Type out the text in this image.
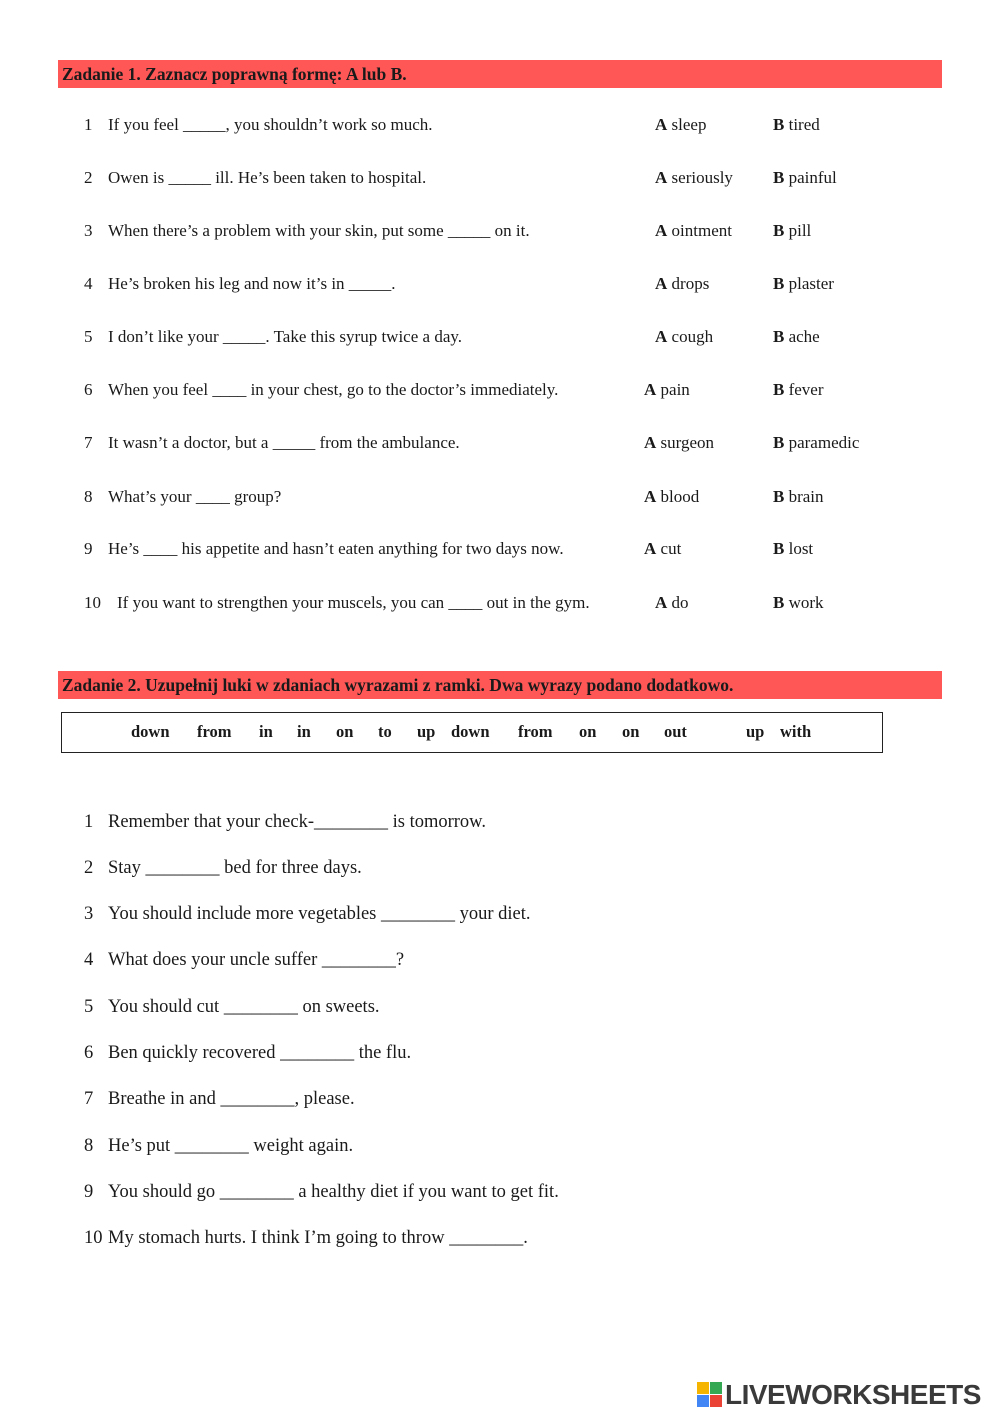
Zadanie 1. Zaznacz poprawną formę: A lub B.
1 If you feel _____, you shouldn’t work so much.	A sleep	B tired
2 Owen is _____ ill. He’s been taken to hospital.	A seriously B painful
3 When there’s a problem with your skin, put some _____ on it.	A ointment B pill
4 He’s broken his leg and now it’s in _____.	A drops	B plaster
5 I don’t like your _____. Take this syrup twice a day.	A cough	B ache
6 When you feel ____ in your chest, go to the doctor’s immediately.	A pain	B fever
7 It wasn’t a doctor, but a _____ from the ambulance.	A surgeon	B paramedic
8 What’s your ____ group?	A blood	B brain
9 He’s ____ his appetite and hasn’t eaten anything for two days now.	A cut	B lost
10 If you want to strengthen your muscels, you can ____ out in the gym.	A do	B work
Zadanie 2. Uzupełnij luki w zdaniach wyrazami z ramki. Dwa wyrazy podano dodatkowo.
down from in in on to up down from on on out	up with
1 Remember that your check-________ is tomorrow.
2 Stay ________ bed for three days.
3 You should include more vegetables ________ your diet.
4 What does your uncle suffer ________?
5 You should cut ________ on sweets.
6 Ben quickly recovered ________ the flu.
7 Breathe in and ________, please.
8 He’s put ________ weight again.
9 You should go ________ a healthy diet if you want to get fit.
10 My stomach hurts. I think I’m going to throw ________.
LIVEWORKSHEETS
